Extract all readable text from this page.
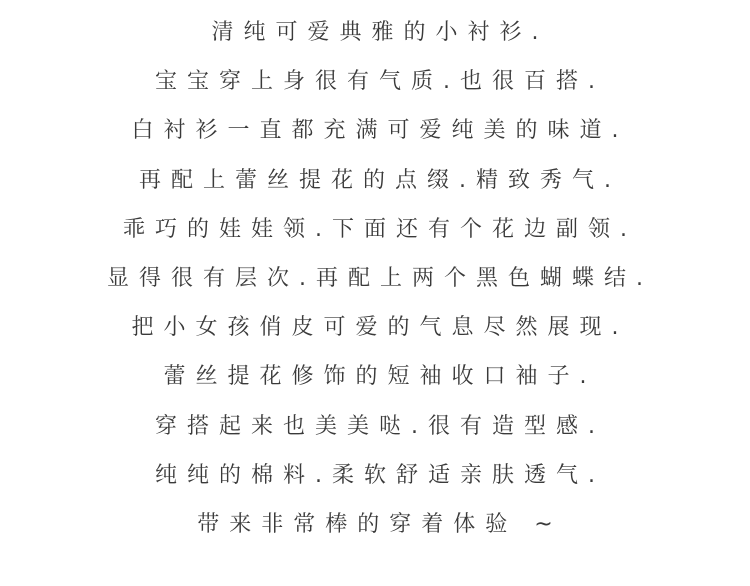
清纯可爱典雅的小衬衫.
宝宝穿上身很有气质.也很百搭.
白衬衫一直都充满可爱纯美的味道.
再配上蕾丝提花的点缀.精致秀气.
乖巧的娃娃领.下面还有个花边副领.
显得很有层次.再配上两个黑色蝴蝶结.
把小女孩俏皮可爱的气息尽然展现.
蕾丝提花修饰的短袖收口袖子.
穿搭起来也美美哒.很有造型感.
纯纯的棉料.柔软舒适亲肤透气.
带来非常棒的穿着体验 ~
